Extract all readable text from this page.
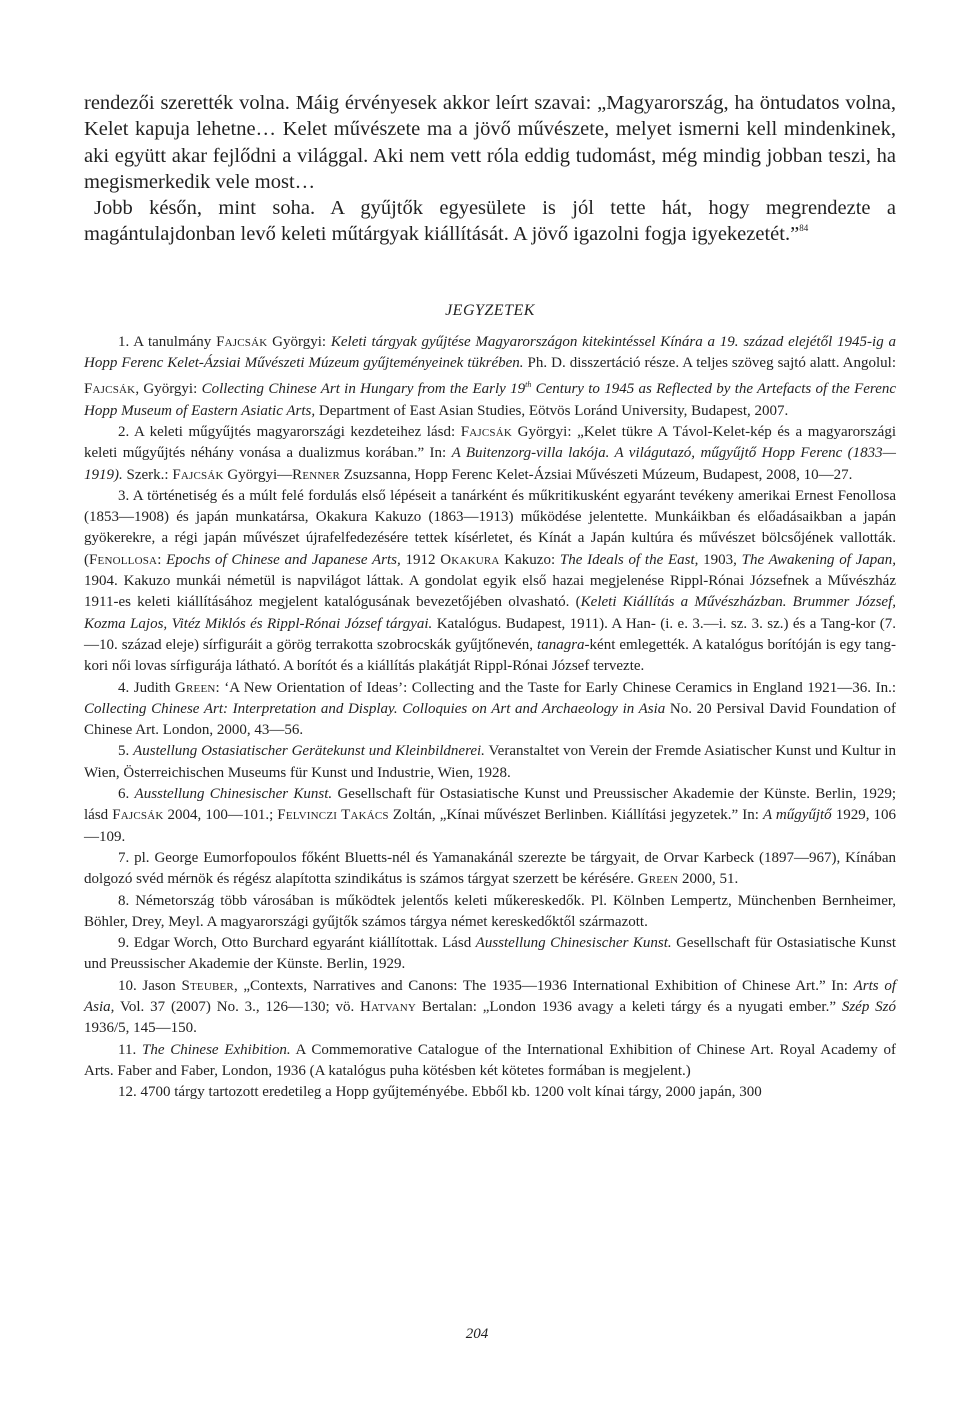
rendezői szerették volna. Máig érvényesek akkor leírt szavai: „Magyarország, ha öntudatos volna, Kelet kapuja lehetne… Kelet művészete ma a jövő művészete, melyet ismerni kell mindenkinek, aki együtt akar fejlődni a világgal. Aki nem vett róla eddig tudomást, még mindig jobban teszi, ha megismerkedik vele most…
Jobb későn, mint soha. A gyűjtők egyesülete is jól tette hát, hogy megrendezte a magántulajdonban levő keleti műtárgyak kiállítását. A jövő igazolni fogja igyekezetét.”$^{84}$

JEGYZETEK

1. A tanulmány Fajcsák Györgyi: Keleti tárgyak gyűjtése Magyarországon kitekintéssel Kínára a 19. század elejétől 1945-ig a Hopp Ferenc Kelet-Ázsiai Művészeti Múzeum gyűjteményeinek tükrében. Ph. D. disszertáció része. A teljes szöveg sajtó alatt. Angolul: Fajcsák, Györgyi: Collecting Chinese Art in Hungary from the Early 19th Century to 1945 as Reflected by the Artefacts of the Ferenc Hopp Museum of Eastern Asiatic Arts, Department of East Asian Studies, Eötvös Loránd University, Budapest, 2007.

2. A keleti műgyűjtés magyarországi kezdeteihez lásd: Fajcsák Györgyi: „Kelet tükre A Távol-Kelet-kép és a magyarországi keleti műgyűjtés néhány vonása a dualizmus korában.” In: A Buitenzorg-villa lakója. A világutazó, műgyűjtő Hopp Ferenc (1833—1919). Szerk.: Fajcsák Györgyi—Renner Zsuzsanna, Hopp Ferenc Kelet-Ázsiai Művészeti Múzeum, Budapest, 2008, 10—27.

3. A történetiség és a múlt felé fordulás első lépéseit a tanárként és műkritikusként egyaránt tevékeny amerikai Ernest Fenollosa (1853—1908) és japán munkatársa, Okakura Kakuzo (1863—1913) működése jelentette. Munkáikban és előadásaikban a japán gyökerekre, a régi japán művészet újrafelfedezésére tettek kísérletet, és Kínát a Japán kultúra és művészet bölcsőjének vallották. (Fenollosa: Epochs of Chinese and Japanese Arts, 1912 Okakura Kakuzo: The Ideals of the East, 1903, The Awakening of Japan, 1904. Kakuzo munkái németül is napvilágot láttak. A gondolat egyik első hazai megjelenése Rippl-Rónai Józsefnek a Művészház 1911-es keleti kiállításához megjelent katalógusának bevezetőjében olvasható. (Keleti Kiállítás a Művészházban. Brummer József, Kozma Lajos, Vitéz Miklós és Rippl-Rónai József tárgyai. Katalógus. Budapest, 1911). A Han- (i. e. 3.—i. sz. 3. sz.) és a Tang-kor (7.—10. század eleje) sírfiguráit a görög terrakotta szobrocskák gyűjtőnevén, tanagra-ként emlegették. A katalógus borítóján is egy tang-kori női lovas sírfigurája látható. A borítót és a kiállítás plakátját Rippl-Rónai József tervezte.

4. Judith Green: ‘A New Orientation of Ideas’: Collecting and the Taste for Early Chinese Ceramics in England 1921—36. In.: Collecting Chinese Art: Interpretation and Display. Colloquies on Art and Archaeology in Asia No. 20 Persival David Foundation of Chinese Art. London, 2000, 43—56.

5. Austellung Ostasiatischer Gerätekunst und Kleinbildnerei. Veranstaltet von Verein der Fremde Asiatischer Kunst und Kultur in Wien, Österreichischen Museums für Kunst und Industrie, Wien, 1928.

6. Ausstellung Chinesischer Kunst. Gesellschaft für Ostasiatische Kunst und Preussischer Akademie der Künste. Berlin, 1929; lásd Fajcsák 2004, 100—101.; Felvinczi Takács Zoltán, „Kínai művészet Berlinben. Kiállítási jegyzetek.” In: A műgyűjtő 1929, 106—109.

7. pl. George Eumorfopoulos főként Bluetts-nél és Yamanakánál szerezte be tárgyait, de Orvar Karbeck (1897—967), Kínában dolgozó svéd mérnök és régész alapította szindikátus is számos tárgyat szerzett be kérésére. Green 2000, 51.

8. Németország több városában is működtek jelentős keleti műkereskedők. Pl. Kölnben Lempertz, Münchenben Bernheimer, Böhler, Drey, Meyl. A magyarországi gyűjtők számos tárgya német kereskedőktől származott.

9. Edgar Worch, Otto Burchard egyaránt kiállítottak. Lásd Ausstellung Chinesischer Kunst. Gesellschaft für Ostasiatische Kunst und Preussischer Akademie der Künste. Berlin, 1929.

10. Jason Steuber, „Contexts, Narratives and Canons: The 1935—1936 International Exhibition of Chinese Art.” In: Arts of Asia, Vol. 37 (2007) No. 3., 126—130; vö. Hatvany Bertalan: „London 1936 avagy a keleti tárgy és a nyugati ember.” Szép Szó 1936/5, 145—150.

11. The Chinese Exhibition. A Commemorative Catalogue of the International Exhibition of Chinese Art. Royal Academy of Arts. Faber and Faber, London, 1936 (A katalógus puha kötésben két kötetes formában is megjelent.)

12. 4700 tárgy tartozott eredetileg a Hopp gyűjteményébe. Ebből kb. 1200 volt kínai tárgy, 2000 japán, 300

204
